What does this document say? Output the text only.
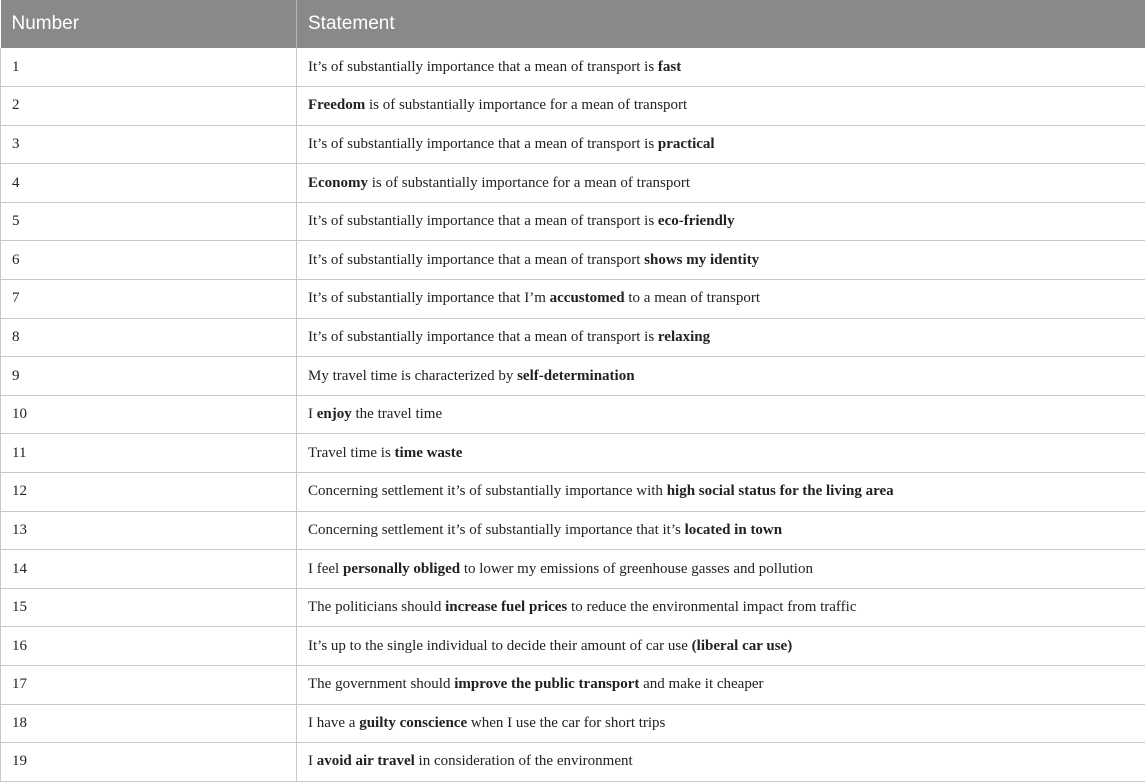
Number	Statement
1	It’s of substantially importance that a mean of transport is fast
2	Freedom is of substantially importance for a mean of transport
3	It’s of substantially importance that a mean of transport is practical
4	Economy is of substantially importance for a mean of transport
5	It’s of substantially importance that a mean of transport is eco-friendly
6	It’s of substantially importance that a mean of transport shows my identity
7	It’s of substantially importance that I’m accustomed to a mean of transport
8	It’s of substantially importance that a mean of transport is relaxing
9	My travel time is characterized by self-determination
10	I enjoy the travel time
11	Travel time is time waste
12	Concerning settlement it’s of substantially importance with high social status for the living area
13	Concerning settlement it’s of substantially importance that it’s located in town
14	I feel personally obliged to lower my emissions of greenhouse gasses and pollution
15	The politicians should increase fuel prices to reduce the environmental impact from traffic
16	It’s up to the single individual to decide their amount of car use (liberal car use)
17	The government should improve the public transport and make it cheaper
18	I have a guilty conscience when I use the car for short trips
19	I avoid air travel in consideration of the environment
